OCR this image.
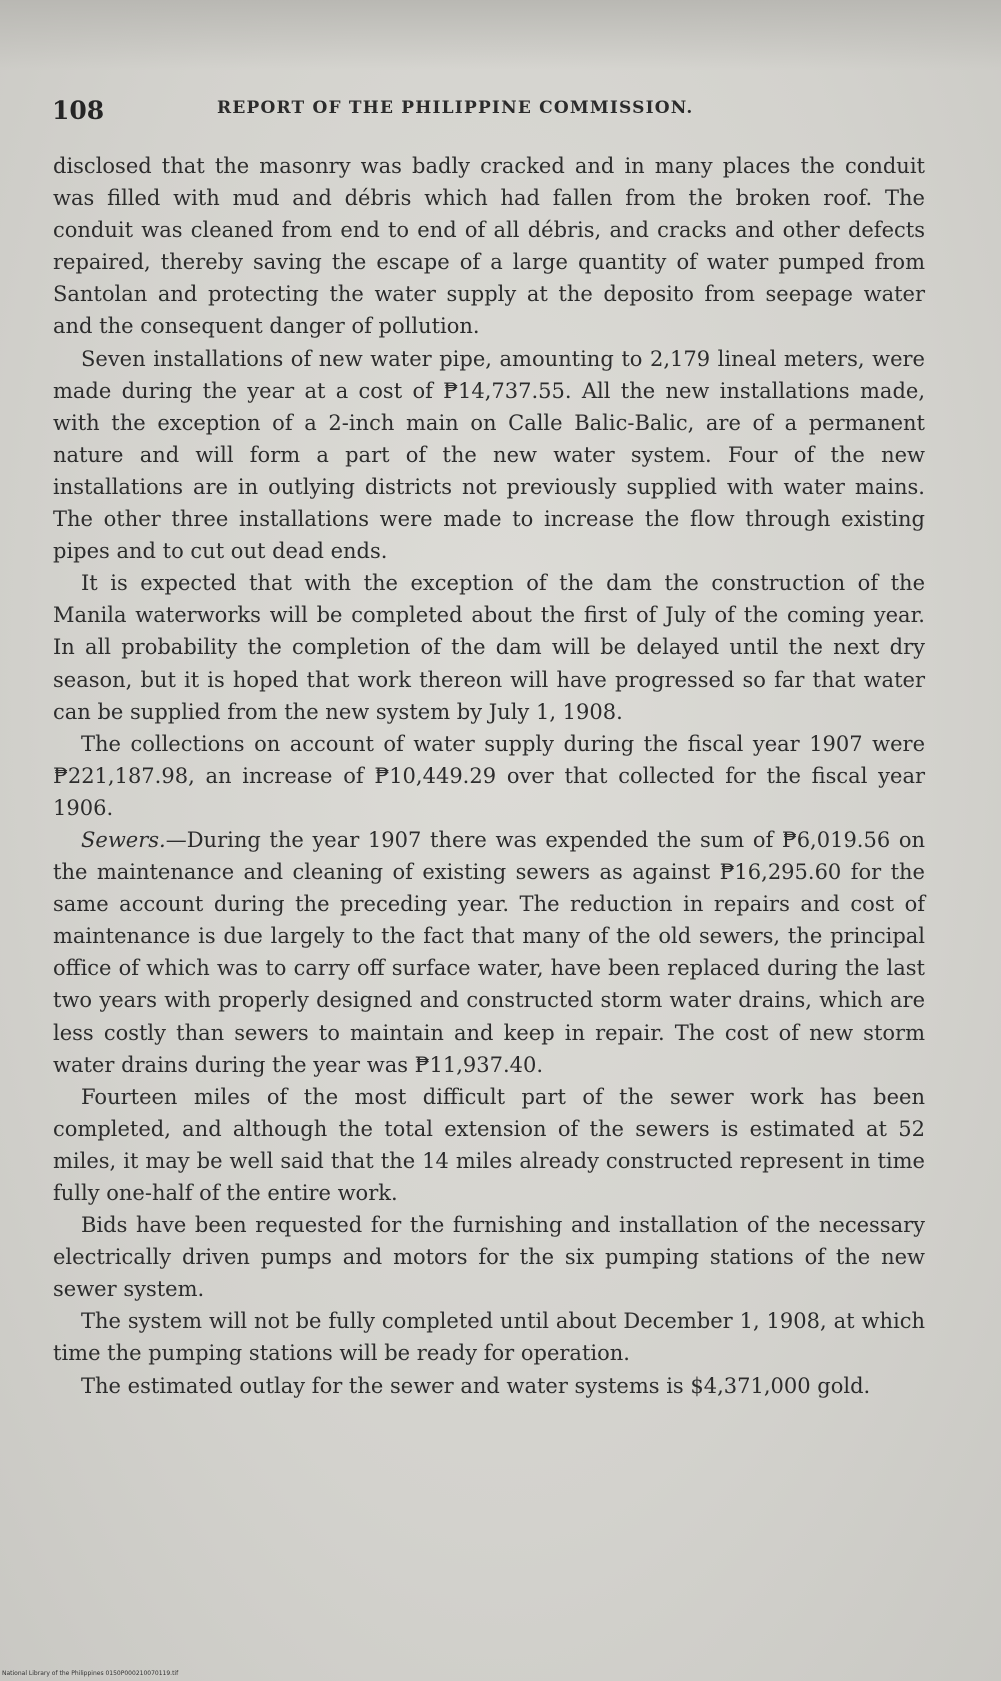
108	REPORT OF THE PHILIPPINE COMMISSION.

disclosed that the masonry was badly cracked and in many places the conduit was filled with mud and débris which had fallen from the broken roof. The conduit was cleaned from end to end of all débris, and cracks and other defects repaired, thereby saving the escape of a large quantity of water pumped from Santolan and protecting the water supply at the deposito from seepage water and the consequent danger of pollution.

Seven installations of new water pipe, amounting to 2,179 lineal meters, were made during the year at a cost of ₱14,737.55. All the new installations made, with the exception of a 2-inch main on Calle Balic-Balic, are of a permanent nature and will form a part of the new water system. Four of the new installations are in outlying districts not previously supplied with water mains. The other three installations were made to increase the flow through existing pipes and to cut out dead ends.

It is expected that with the exception of the dam the construction of the Manila waterworks will be completed about the first of July of the coming year. In all probability the completion of the dam will be delayed until the next dry season, but it is hoped that work thereon will have progressed so far that water can be supplied from the new system by July 1, 1908.

The collections on account of water supply during the fiscal year 1907 were ₱221,187.98, an increase of ₱10,449.29 over that collected for the fiscal year 1906.

Sewers.—During the year 1907 there was expended the sum of ₱6,019.56 on the maintenance and cleaning of existing sewers as against ₱16,295.60 for the same account during the preceding year. The reduction in repairs and cost of maintenance is due largely to the fact that many of the old sewers, the principal office of which was to carry off surface water, have been replaced during the last two years with properly designed and constructed storm water drains, which are less costly than sewers to maintain and keep in repair. The cost of new storm water drains during the year was ₱11,937.40.

Fourteen miles of the most difficult part of the sewer work has been completed, and although the total extension of the sewers is estimated at 52 miles, it may be well said that the 14 miles already constructed represent in time fully one-half of the entire work.

Bids have been requested for the furnishing and installation of the necessary electrically driven pumps and motors for the six pumping stations of the new sewer system.

The system will not be fully completed until about December 1, 1908, at which time the pumping stations will be ready for operation.

The estimated outlay for the sewer and water systems is $4,371,000 gold.

National Library of the Philippines 0150P000210070119.tif
